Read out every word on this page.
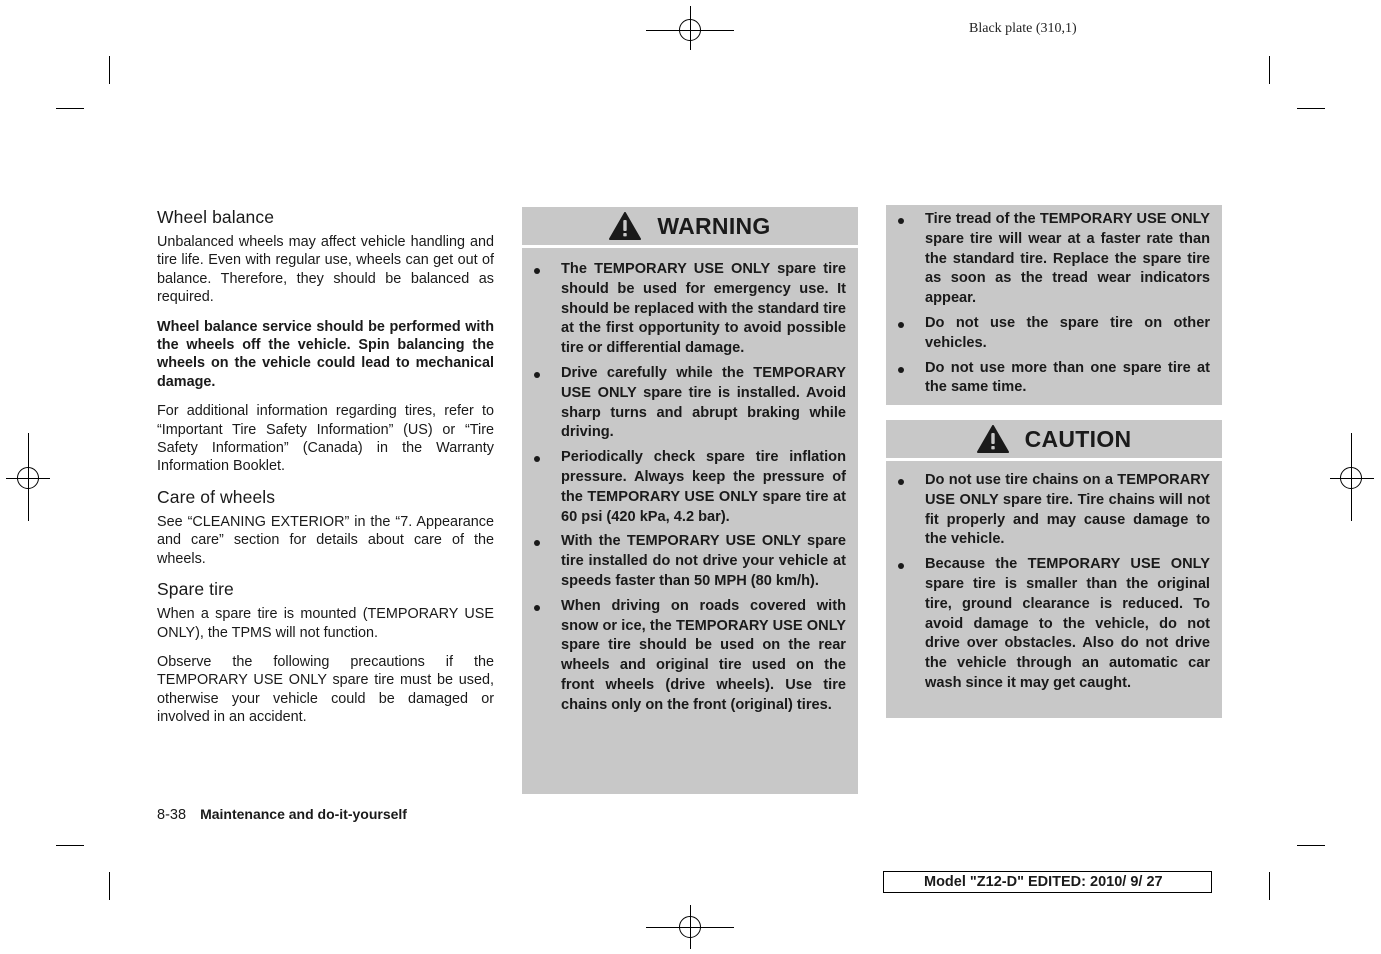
Black plate (310,1)
Wheel balance

Unbalanced wheels may affect vehicle handling and tire life. Even with regular use, wheels can get out of balance. Therefore, they should be balanced as required.

Wheel balance service should be performed with the wheels off the vehicle. Spin balancing the wheels on the vehicle could lead to mechanical damage.

For additional information regarding tires, refer to “Important Tire Safety Information” (US) or “Tire Safety Information” (Canada) in the Warranty Information Booklet.

Care of wheels

See “CLEANING EXTERIOR” in the “7. Appearance and care” section for details about care of the wheels.

Spare tire

When a spare tire is mounted (TEMPORARY USE ONLY), the TPMS will not function.

Observe the following precautions if the TEMPORARY USE ONLY spare tire must be used, otherwise your vehicle could be damaged or involved in an accident.

WARNING
The TEMPORARY USE ONLY spare tire should be used for emergency use. It should be replaced with the standard tire at the first opportunity to avoid possible tire or differential damage.
Drive carefully while the TEMPORARY USE ONLY spare tire is installed. Avoid sharp turns and abrupt braking while driving.
Periodically check spare tire inflation pressure. Always keep the pressure of the TEMPORARY USE ONLY spare tire at 60 psi (420 kPa, 4.2 bar).
With the TEMPORARY USE ONLY spare tire installed do not drive your vehicle at speeds faster than 50 MPH (80 km/h).
When driving on roads covered with snow or ice, the TEMPORARY USE ONLY spare tire should be used on the rear wheels and original tire used on the front wheels (drive wheels). Use tire chains only on the front (original) tires.
Tire tread of the TEMPORARY USE ONLY spare tire will wear at a faster rate than the standard tire. Replace the spare tire as soon as the tread wear indicators appear.
Do not use the spare tire on other vehicles.
Do not use more than one spare tire at the same time.
CAUTION
Do not use tire chains on a TEMPORARY USE ONLY spare tire. Tire chains will not fit properly and may cause damage to the vehicle.
Because the TEMPORARY USE ONLY spare tire is smaller than the original tire, ground clearance is reduced. To avoid damage to the vehicle, do not drive over obstacles. Also do not drive the vehicle through an automatic car wash since it may get caught.
8-38 Maintenance and do-it-yourself
Model "Z12-D" EDITED: 2010/ 9/ 27
